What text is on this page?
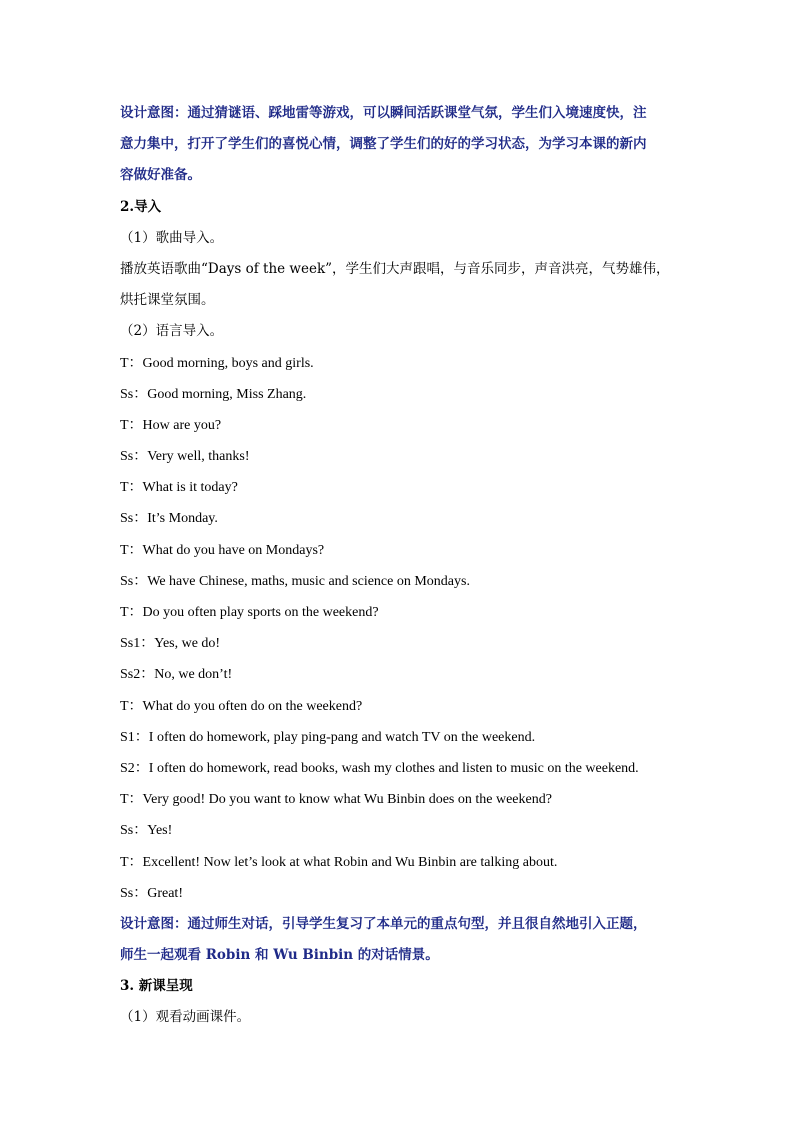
设计意图：通过猜谜语、踩地雷等游戏，可以瞬间活跃课堂气氛，学生们入境速度快，注
意力集中，打开了学生们的喜悦心情，调整了学生们的好的学习状态，为学习本课的新内
容做好准备。
2.导入
（1）歌曲导入。
播放英语歌曲“Days of the week”，学生们大声跟唱，与音乐同步，声音洪亮，气势雄伟，
烘托课堂氛围。
（2）语言导入。
T：Good morning, boys and girls.
Ss：Good morning, Miss Zhang.
T：How are you?
Ss：Very well, thanks!
T：What is it today?
Ss：It’s Monday.
T：What do you have on Mondays?
Ss：We have Chinese, maths, music and science on Mondays.
T：Do you often play sports on the weekend?
Ss1：Yes, we do!
Ss2：No, we don’t!
T：What do you often do on the weekend?
S1：I often do homework, play ping-pang and watch TV on the weekend.
S2：I often do homework, read books, wash my clothes and listen to music on the weekend.
T：Very good! Do you want to know what Wu Binbin does on the weekend?
Ss：Yes!
T：Excellent! Now let’s look at what Robin and Wu Binbin are talking about.
Ss：Great!
设计意图：通过师生对话，引导学生复习了本单元的重点句型，并且很自然地引入正题，
师生一起观看 Robin 和 Wu Binbin 的对话情景。
3. 新课呈现
（1）观看动画课件。
